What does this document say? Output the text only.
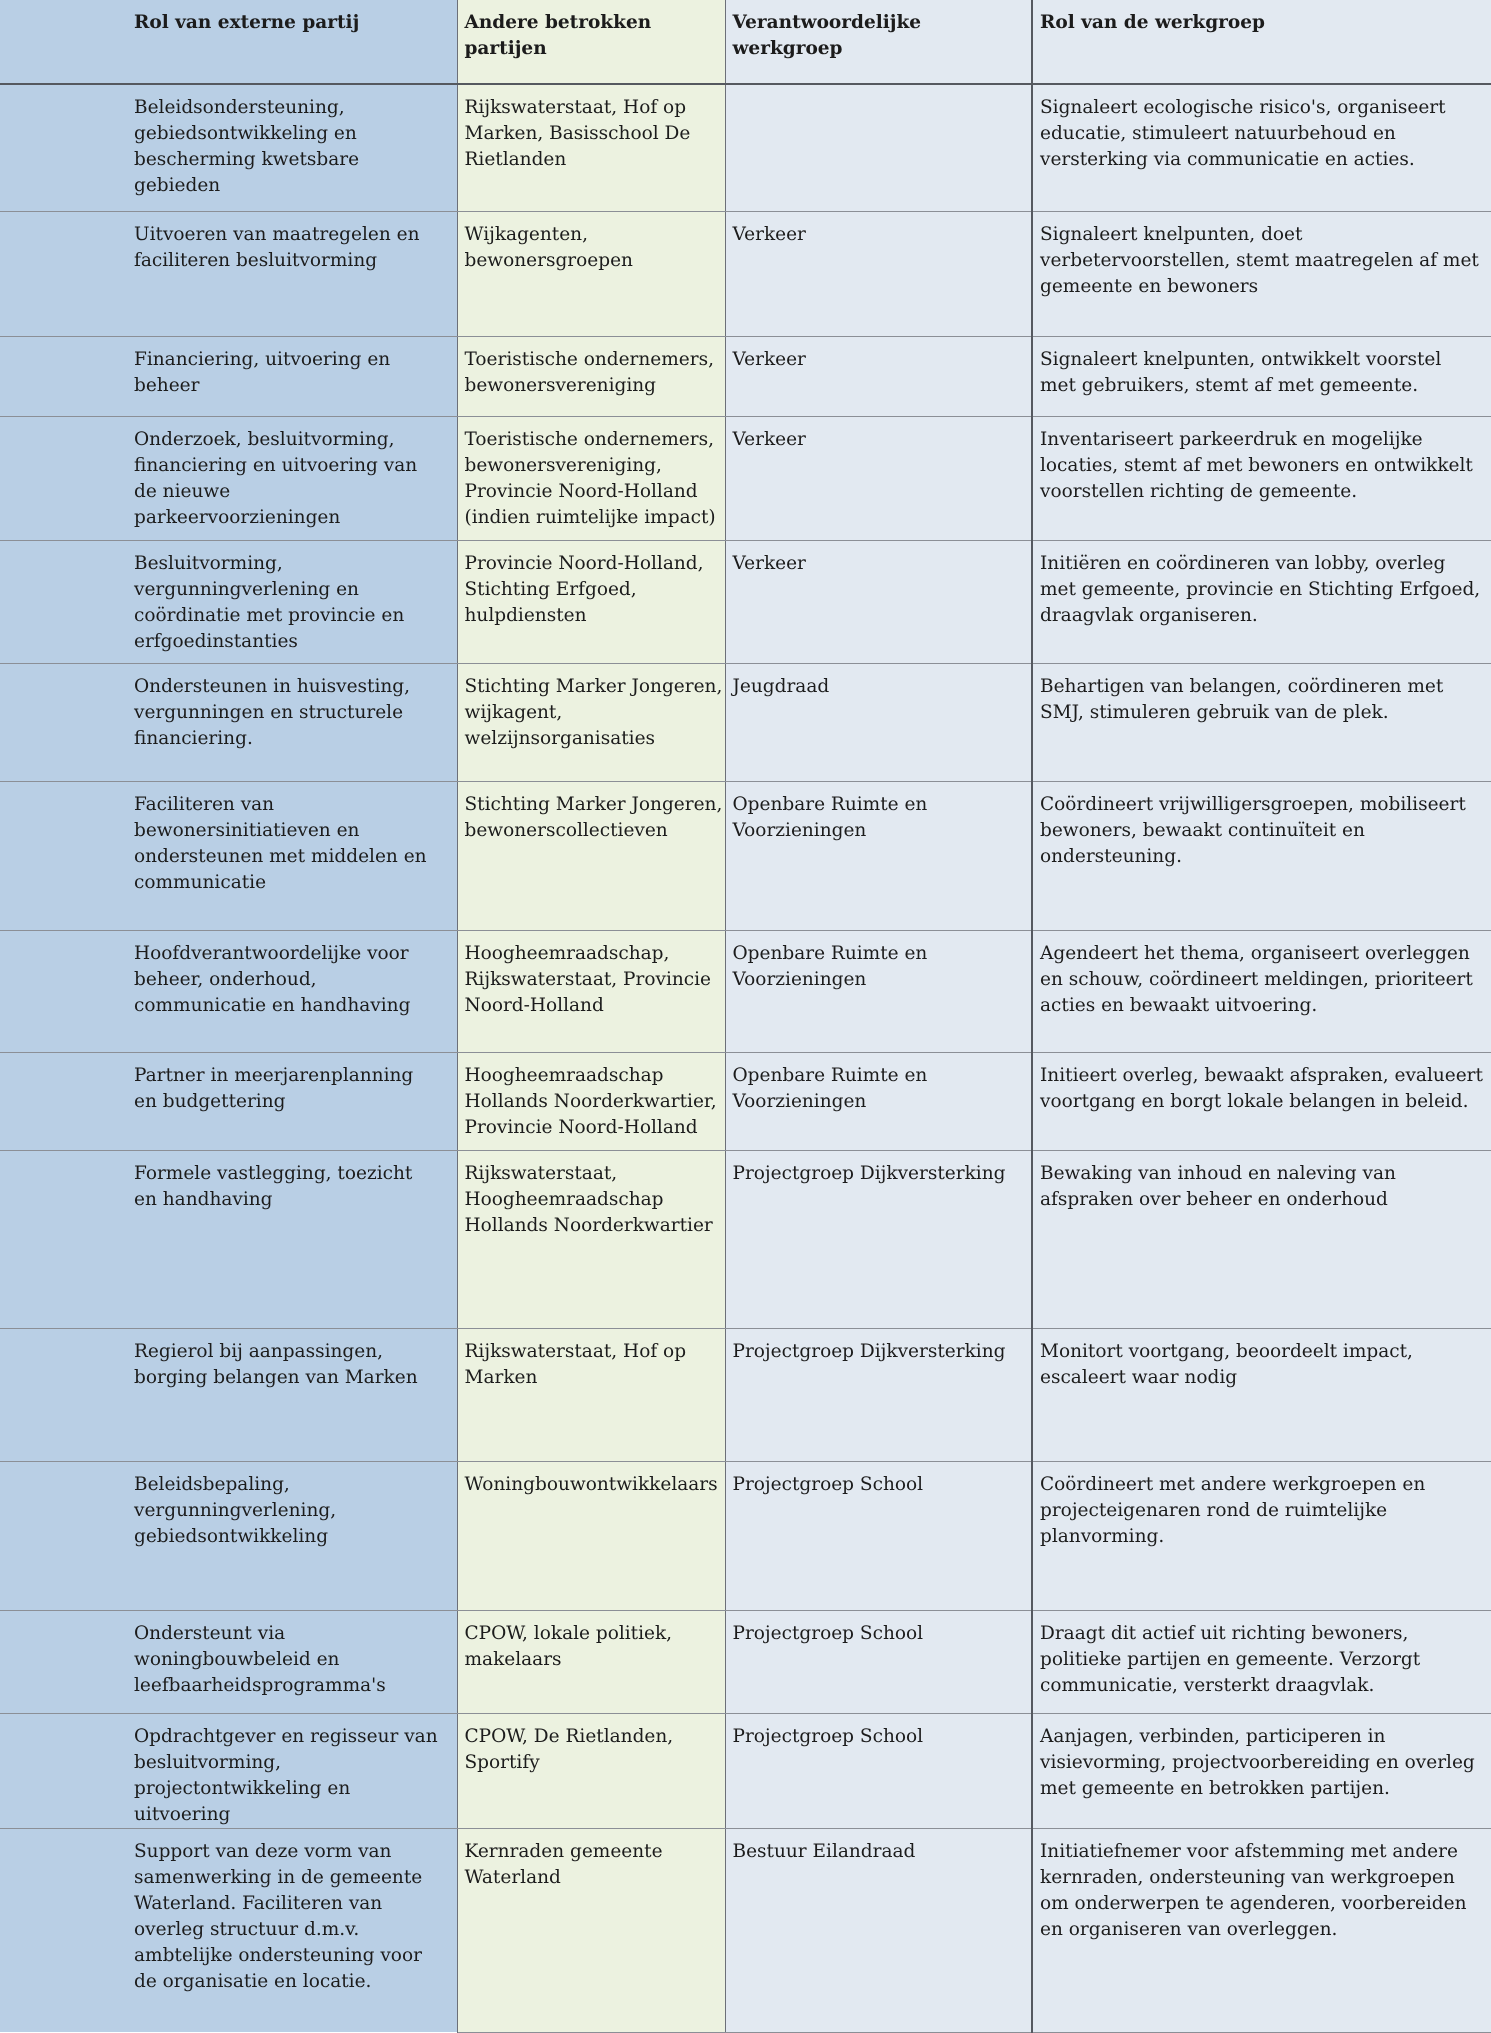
Rol van externe partij	Andere betrokken partijen	Verantwoordelijke werkgroep	Rol van de werkgroep
Beleidsondersteuning, gebiedsontwikkeling en bescherming kwetsbare gebieden	Rijkswaterstaat, Hof op Marken, Basisschool De Rietlanden		Signaleert ecologische risico's, organiseert educatie, stimuleert natuurbehoud en versterking via communicatie en acties.
Uitvoeren van maatregelen en faciliteren besluitvorming	Wijkagenten, bewonersgroepen	Verkeer	Signaleert knelpunten, doet verbetervoorstellen, stemt maatregelen af met gemeente en bewoners
Financiering, uitvoering en beheer	Toeristische ondernemers, bewonersvereniging	Verkeer	Signaleert knelpunten, ontwikkelt voorstel met gebruikers, stemt af met gemeente.
Onderzoek, besluitvorming, financiering en uitvoering van de nieuwe parkeervoorzieningen	Toeristische ondernemers, bewonersvereniging, Provincie Noord-Holland (indien ruimtelijke impact)	Verkeer	Inventariseert parkeerdruk en mogelijke locaties, stemt af met bewoners en ontwikkelt voorstellen richting de gemeente.
Besluitvorming, vergunningverlening en coördinatie met provincie en erfgoedinstanties	Provincie Noord-Holland, Stichting Erfgoed, hulpdiensten	Verkeer	Initiëren en coördineren van lobby, overleg met gemeente, provincie en Stichting Erfgoed, draagvlak organiseren.
Ondersteunen in huisvesting, vergunningen en structurele financiering.	Stichting Marker Jongeren, wijkagent, welzijnsorganisaties	Jeugdraad	Behartigen van belangen, coördineren met SMJ, stimuleren gebruik van de plek.
Faciliteren van bewonersinitiatieven en ondersteunen met middelen en communicatie	Stichting Marker Jongeren, bewonerscollectieven	Openbare Ruimte en Voorzieningen	Coördineert vrijwilligersgroepen, mobiliseert bewoners, bewaakt continuïteit en ondersteuning.
Hoofdverantwoordelijke voor beheer, onderhoud, communicatie en handhaving	Hoogheemraadschap, Rijkswaterstaat, Provincie Noord-Holland	Openbare Ruimte en Voorzieningen	Agendeert het thema, organiseert overleggen en schouw, coördineert meldingen, prioriteert acties en bewaakt uitvoering.
Partner in meerjarenplanning en budgettering	Hoogheemraadschap Hollands Noorderkwartier, Provincie Noord-Holland	Openbare Ruimte en Voorzieningen	Initieert overleg, bewaakt afspraken, evalueert voortgang en borgt lokale belangen in beleid.
Formele vastlegging, toezicht en handhaving	Rijkswaterstaat, Hoogheemraadschap Hollands Noorderkwartier	Projectgroep Dijkversterking	Bewaking van inhoud en naleving van afspraken over beheer en onderhoud
Regierol bij aanpassingen, borging belangen van Marken	Rijkswaterstaat, Hof op Marken	Projectgroep Dijkversterking	Monitort voortgang, beoordeelt impact, escaleert waar nodig
Beleidsbepaling, vergunningverlening, gebiedsontwikkeling	Woningbouwontwikkelaars	Projectgroep School	Coördineert met andere werkgroepen en projecteigenaren rond de ruimtelijke planvorming.
Ondersteunt via woningbouwbeleid en leefbaarheidsprogramma's	CPOW, lokale politiek, makelaars	Projectgroep School	Draagt dit actief uit richting bewoners, politieke partijen en gemeente. Verzorgt communicatie, versterkt draagvlak.
Opdrachtgever en regisseur van besluitvorming, projectontwikkeling en uitvoering	CPOW, De Rietlanden, Sportify	Projectgroep School	Aanjagen, verbinden, participeren in visievorming, projectvoorbereiding en overleg met gemeente en betrokken partijen.
Support van deze vorm van samenwerking in de gemeente Waterland. Faciliteren van overleg structuur d.m.v. ambtelijke ondersteuning voor de organisatie en locatie.	Kernraden gemeente Waterland	Bestuur Eilandraad	Initiatiefnemer voor afstemming met andere kernraden, ondersteuning van werkgroepen om onderwerpen te agenderen, voorbereiden en organiseren van overleggen.
